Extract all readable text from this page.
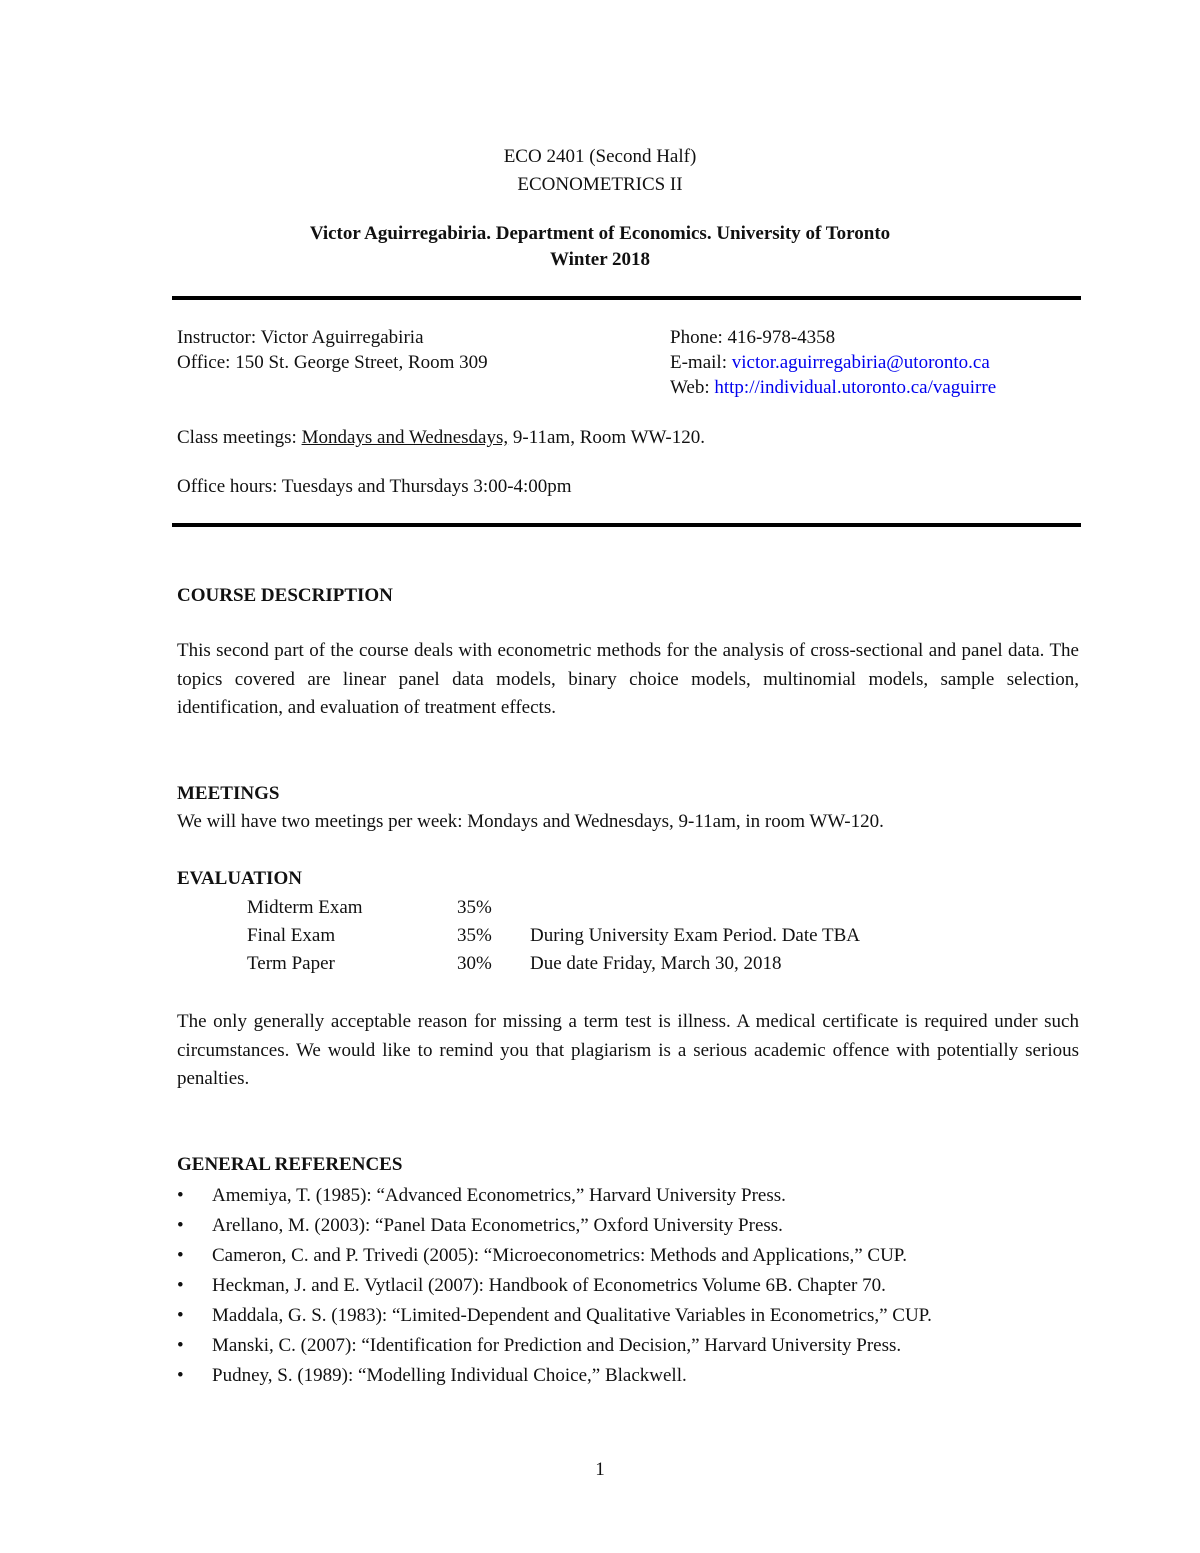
ECO 2401 (Second Half)
ECONOMETRICS II
Victor Aguirregabiria. Department of Economics. University of Toronto
Winter 2018
Instructor: Victor Aguirregabiria
Office: 150 St. George Street, Room 309
Phone: 416-978-4358
E-mail: victor.aguirregabiria@utoronto.ca
Web: http://individual.utoronto.ca/vaguirre
Class meetings: Mondays and Wednesdays, 9-11am, Room WW-120.
Office hours: Tuesdays and Thursdays 3:00-4:00pm
COURSE DESCRIPTION
This second part of the course deals with econometric methods for the analysis of cross-sectional and panel data. The topics covered are linear panel data models, binary choice models, multinomial models, sample selection, identification, and evaluation of treatment effects.
MEETINGS
We will have two meetings per week: Mondays and Wednesdays, 9-11am, in room WW-120.
EVALUATION
Midterm Exam	35%
Final Exam	35% During University Exam Period. Date TBA
Term Paper	30% Due date Friday, March 30, 2018
The only generally acceptable reason for missing a term test is illness. A medical certificate is required under such circumstances. We would like to remind you that plagiarism is a serious academic offence with potentially serious penalties.
GENERAL REFERENCES
• Amemiya, T. (1985): “Advanced Econometrics,” Harvard University Press.
• Arellano, M. (2003): “Panel Data Econometrics,” Oxford University Press.
• Cameron, C. and P. Trivedi (2005): “Microeconometrics: Methods and Applications,” CUP.
• Heckman, J. and E. Vytlacil (2007): Handbook of Econometrics Volume 6B. Chapter 70.
• Maddala, G. S. (1983): “Limited-Dependent and Qualitative Variables in Econometrics,” CUP.
• Manski, C. (2007): “Identification for Prediction and Decision,” Harvard University Press.
• Pudney, S. (1989): “Modelling Individual Choice,” Blackwell.
1
